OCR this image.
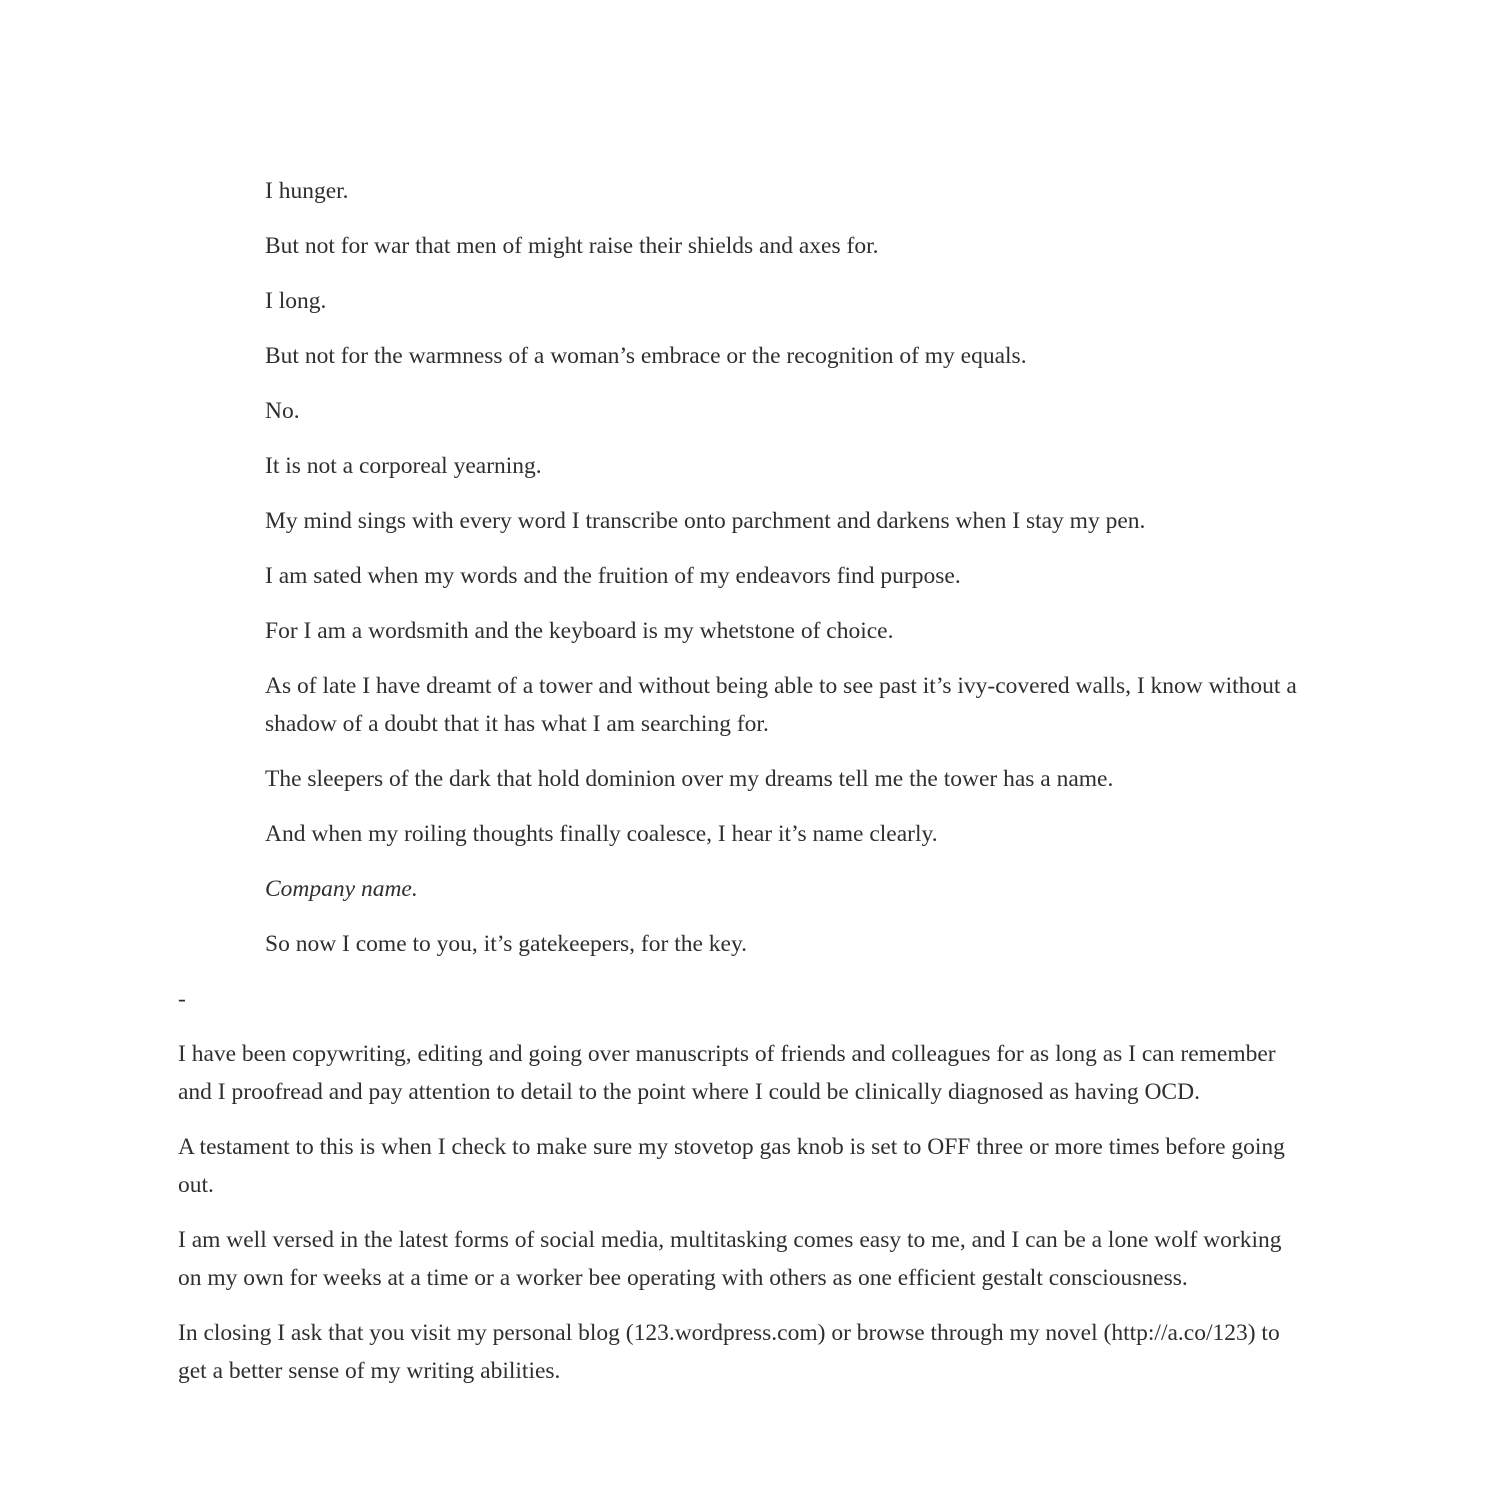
I hunger.

But not for war that men of might raise their shields and axes for.

I long.

But not for the warmness of a woman’s embrace or the recognition of my equals.

No.

It is not a corporeal yearning.

My mind sings with every word I transcribe onto parchment and darkens when I stay my pen.

I am sated when my words and the fruition of my endeavors find purpose.

For I am a wordsmith and the keyboard is my whetstone of choice.

As of late I have dreamt of a tower and without being able to see past it’s ivy-covered walls, I know without a shadow of a doubt that it has what I am searching for.

The sleepers of the dark that hold dominion over my dreams tell me the tower has a name.

And when my roiling thoughts finally coalesce, I hear it’s name clearly.

Company name.

So now I come to you, it’s gatekeepers, for the key.

-

I have been copywriting, editing and going over manuscripts of friends and colleagues for as long as I can remember and I proofread and pay attention to detail to the point where I could be clinically diagnosed as having OCD.

A testament to this is when I check to make sure my stovetop gas knob is set to OFF three or more times before going out.

I am well versed in the latest forms of social media, multitasking comes easy to me, and I can be a lone wolf working on my own for weeks at a time or a worker bee operating with others as one efficient gestalt consciousness.

In closing I ask that you visit my personal blog (123.wordpress.com) or browse through my novel (http://a.co/123) to get a better sense of my writing abilities.
